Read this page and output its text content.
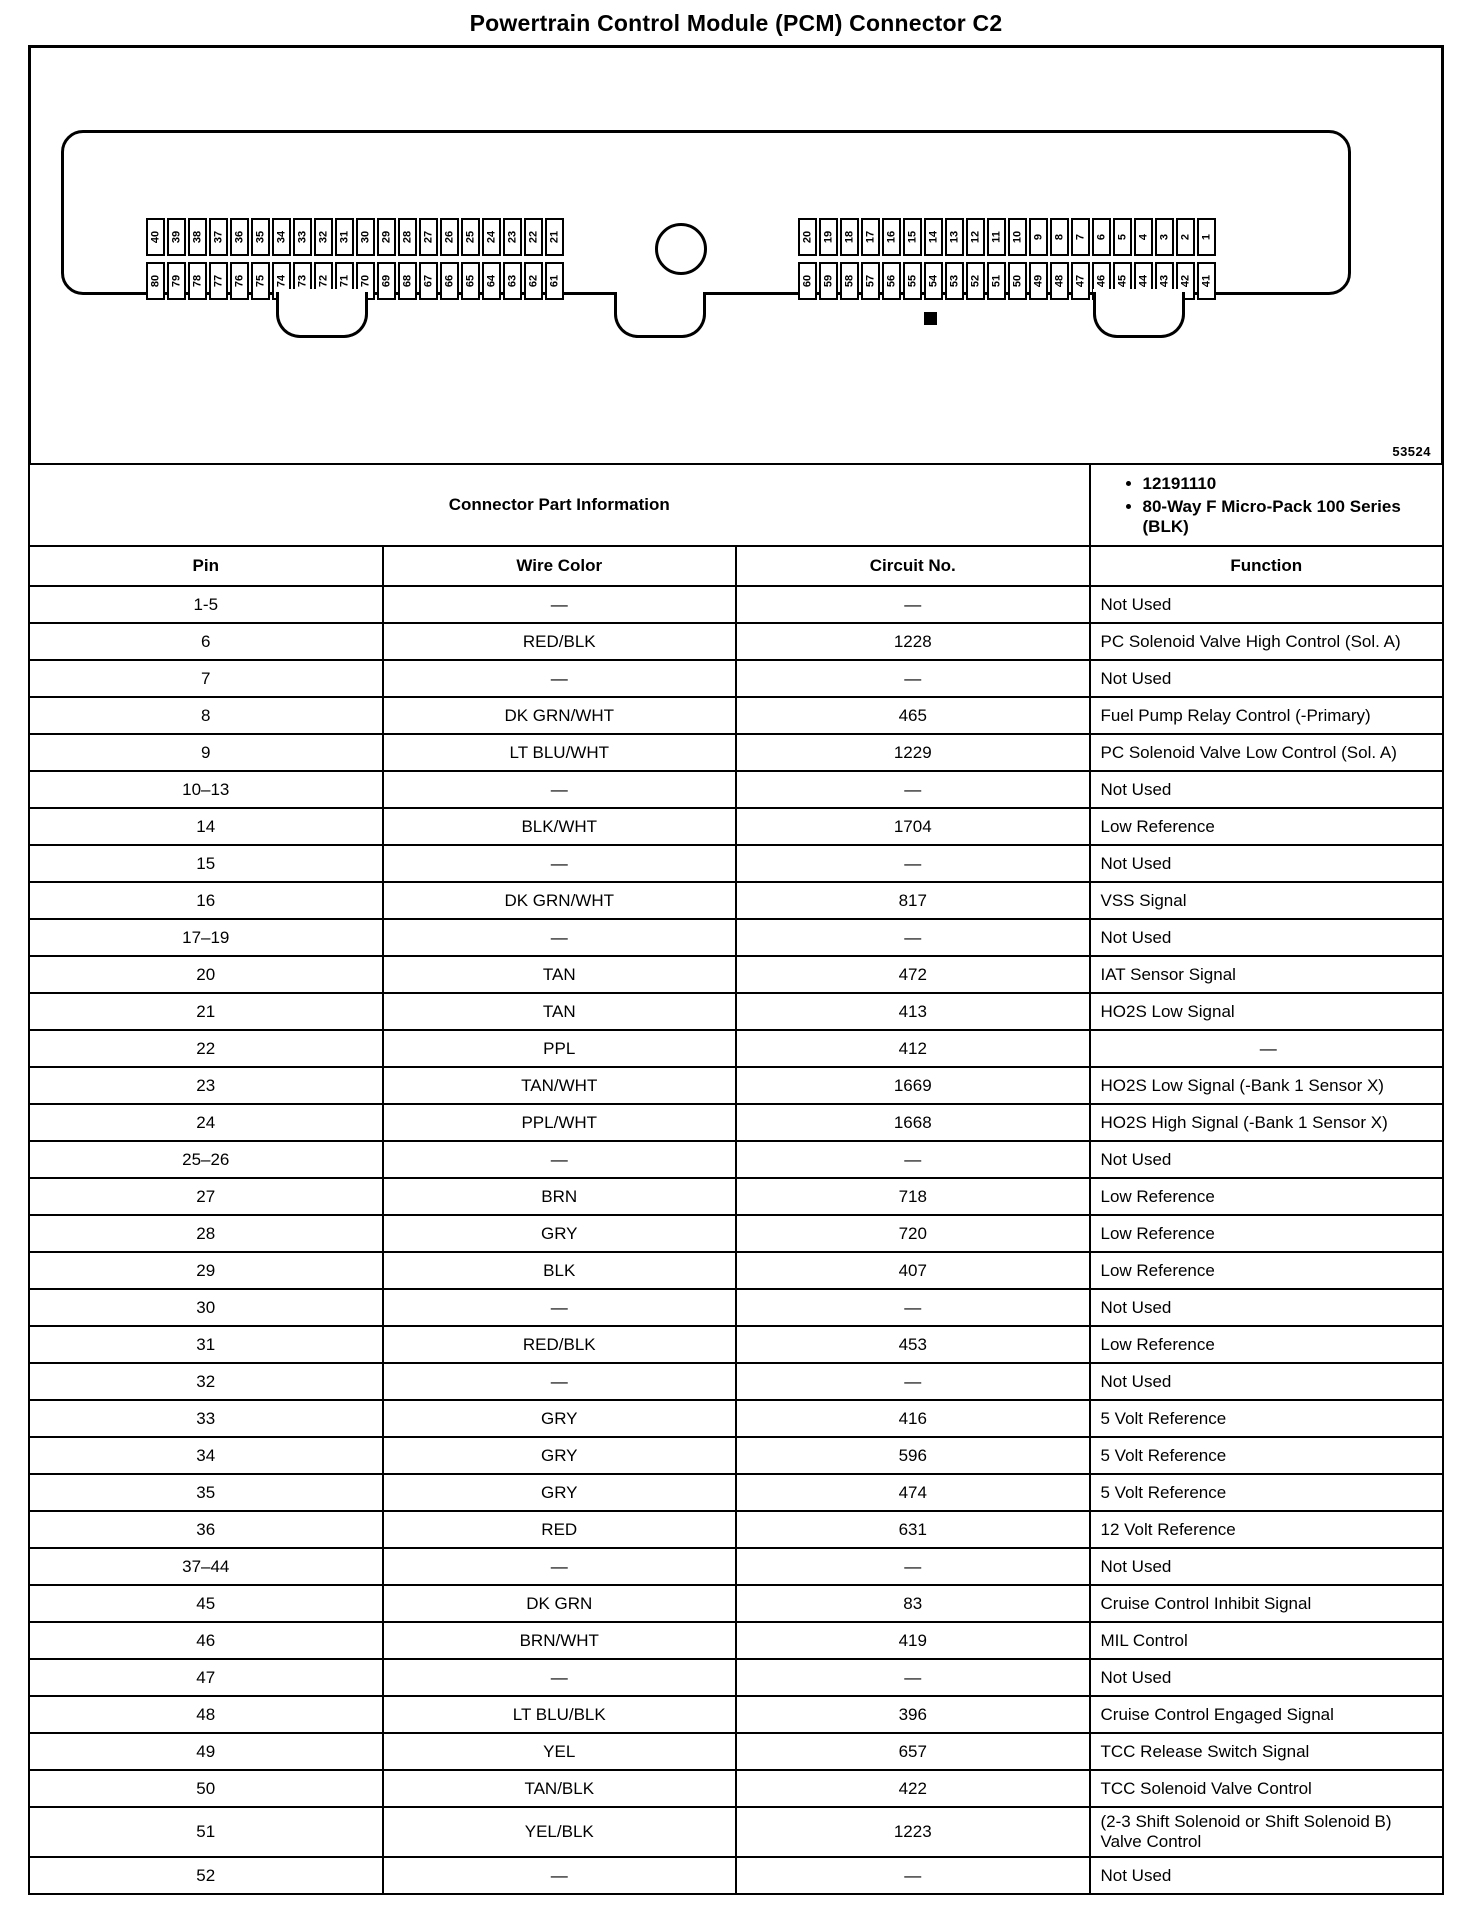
Powertrain Control Module (PCM) Connector C2
40 39 38 37 36 35 34 33 32 31 30 29 28 27 26 25 24 23 22 21
80 79 78 77 76 75 74 73 72 71 70 69 68 67 66 65 64 63 62 61
20 19 18 17 16 15 14 13 12 11 10 9 8 7 6 5 4 3 2 1
60 59 58 57 56 55 54 53 52 51 50 49 48 47 46 45 44 43 42 41
53524
Connector Part Information	
• 12191110
• 80-Way F Micro-Pack 100 Series (BLK)

Pin	Wire Color	Circuit No.	Function
1-5	—	—	Not Used
6	RED/BLK	1228	PC Solenoid Valve High Control (Sol. A)
7	—	—	Not Used
8	DK GRN/WHT	465	Fuel Pump Relay Control (-Primary)
9	LT BLU/WHT	1229	PC Solenoid Valve Low Control (Sol. A)
10–13	—	—	Not Used
14	BLK/WHT	1704	Low Reference
15	—	—	Not Used
16	DK GRN/WHT	817	VSS Signal
17–19	—	—	Not Used
20	TAN	472	IAT Sensor Signal
21	TAN	413	HO2S Low Signal
22	PPL	412	—
23	TAN/WHT	1669	HO2S Low Signal (-Bank 1 Sensor X)
24	PPL/WHT	1668	HO2S High Signal (-Bank 1 Sensor X)
25–26	—	—	Not Used
27	BRN	718	Low Reference
28	GRY	720	Low Reference
29	BLK	407	Low Reference
30	—	—	Not Used
31	RED/BLK	453	Low Reference
32	—	—	Not Used
33	GRY	416	5 Volt Reference
34	GRY	596	5 Volt Reference
35	GRY	474	5 Volt Reference
36	RED	631	12 Volt Reference
37–44	—	—	Not Used
45	DK GRN	83	Cruise Control Inhibit Signal
46	BRN/WHT	419	MIL Control
47	—	—	Not Used
48	LT BLU/BLK	396	Cruise Control Engaged Signal
49	YEL	657	TCC Release Switch Signal
50	TAN/BLK	422	TCC Solenoid Valve Control
51	YEL/BLK	1223	(2-3 Shift Solenoid or Shift Solenoid B) Valve Control
52	—	—	Not Used
